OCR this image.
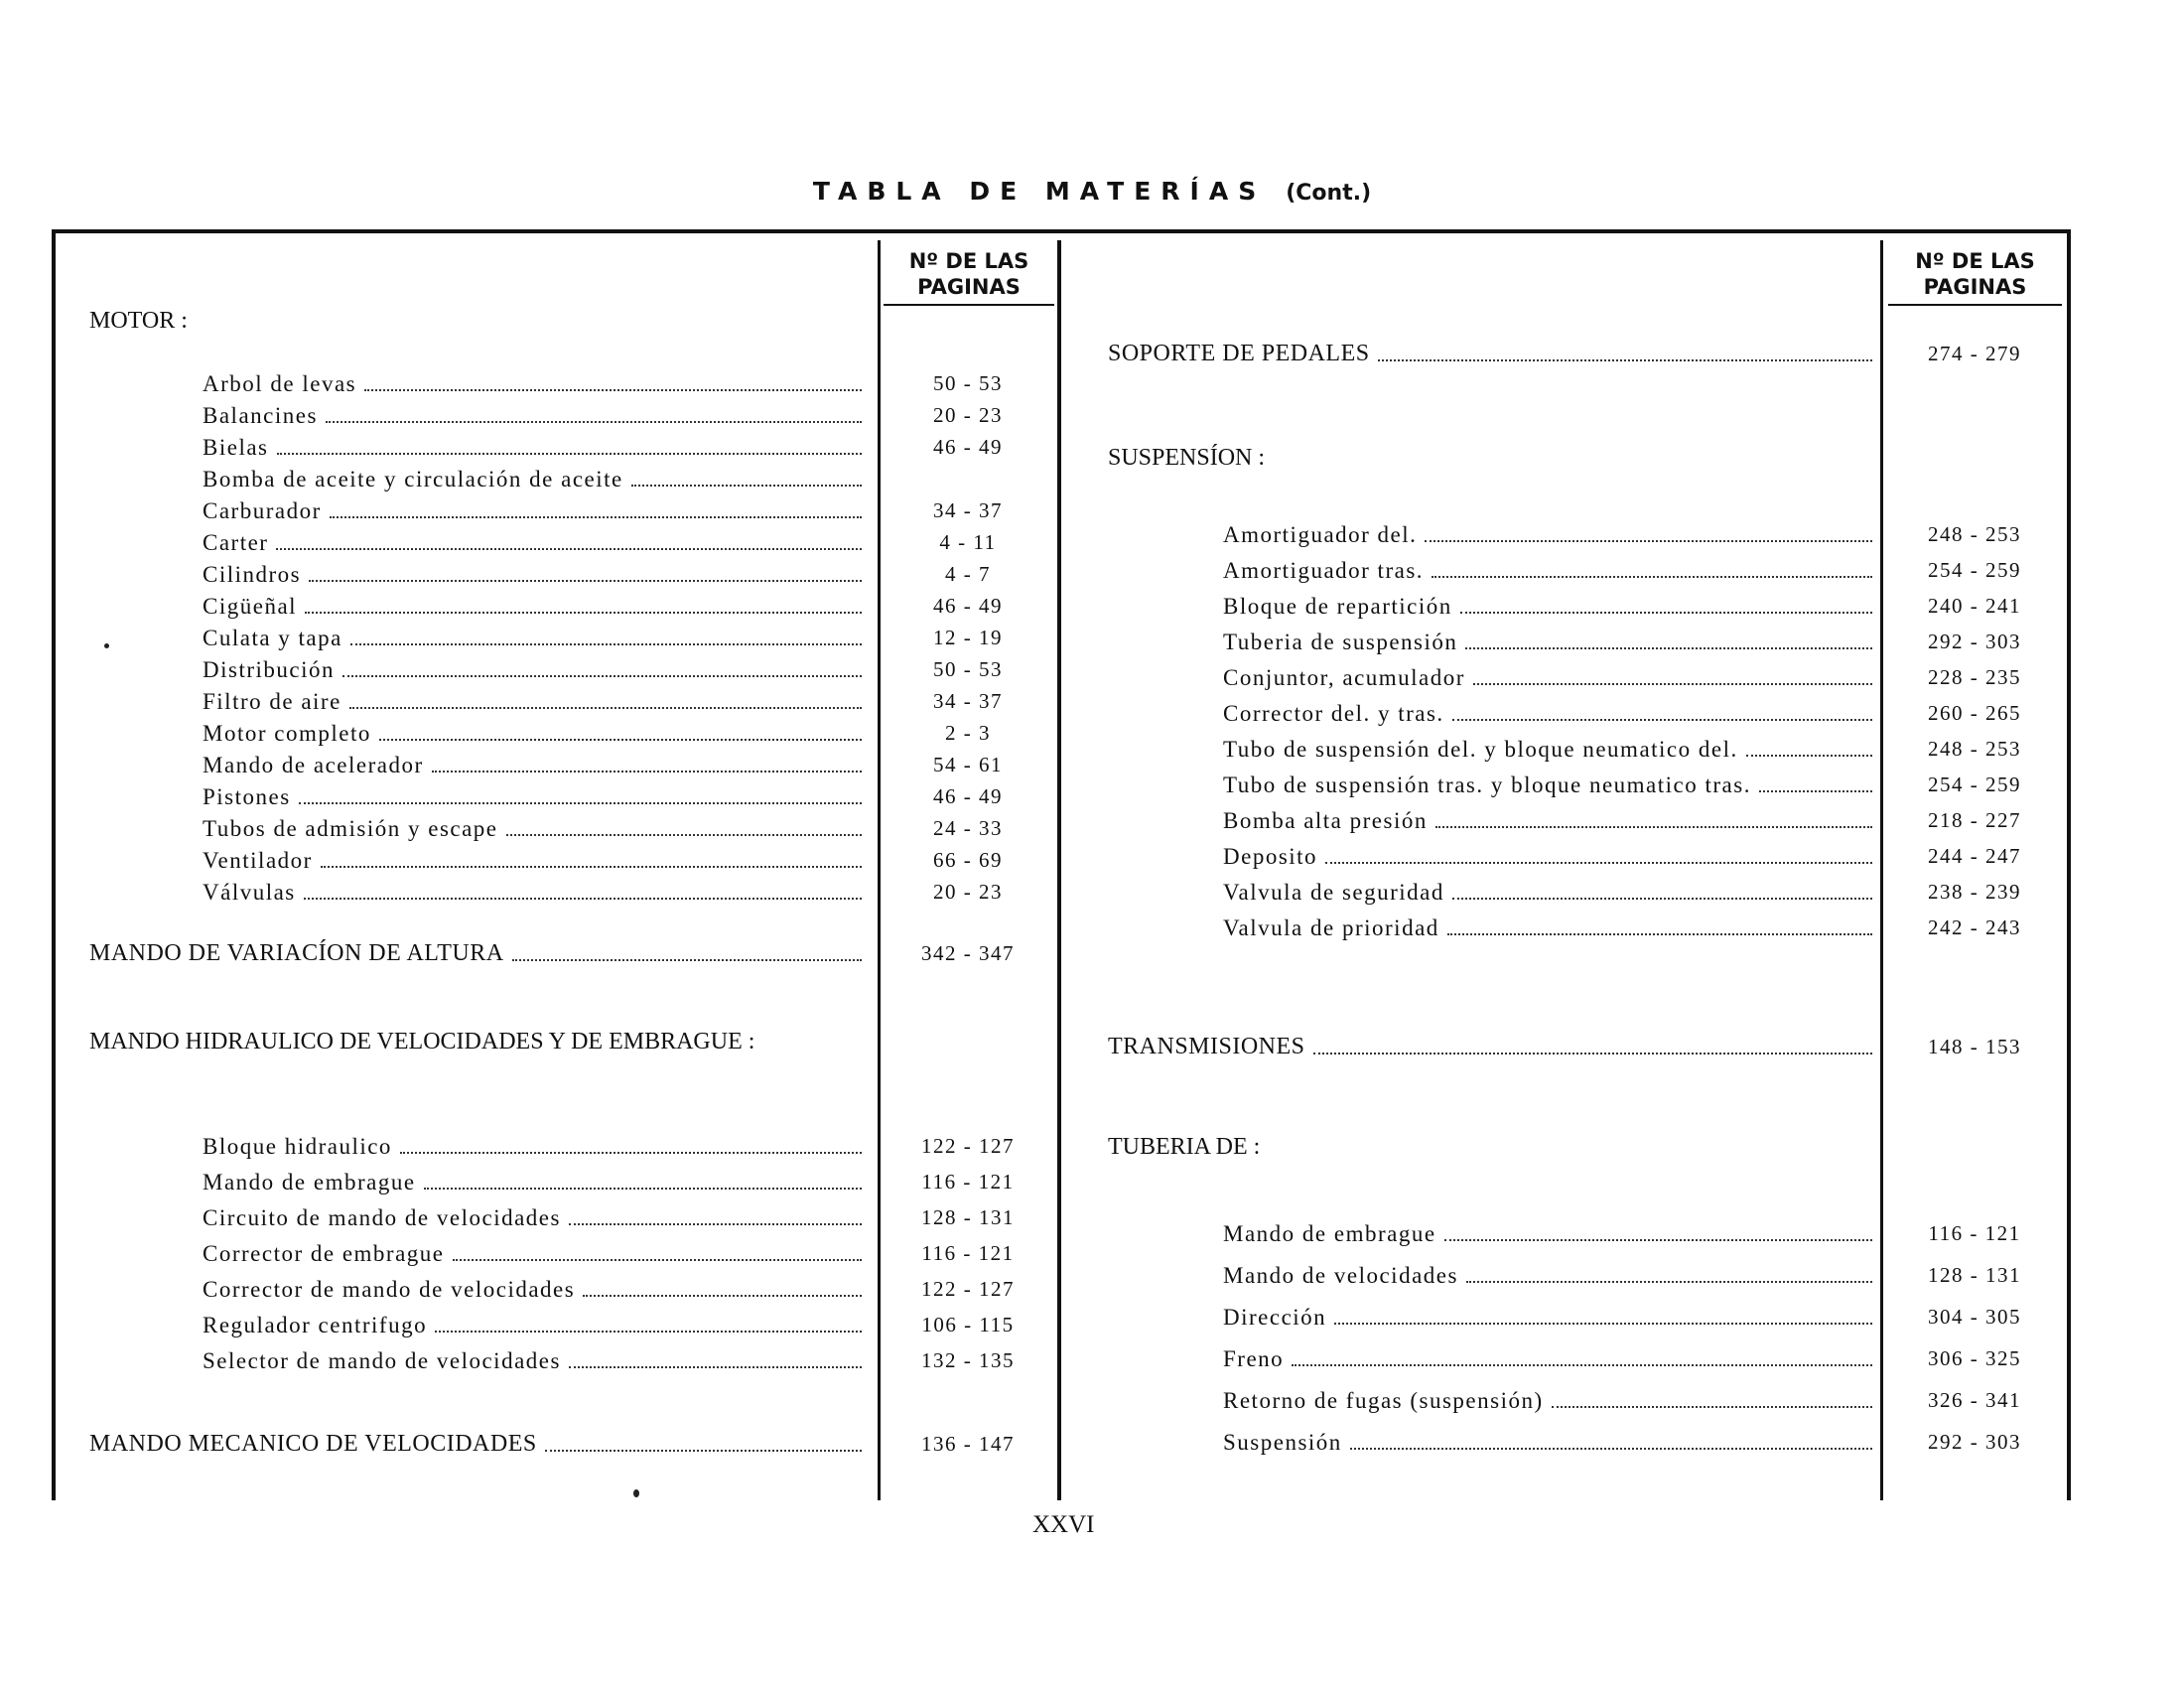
TABLA DE MATERÍAS (Cont.)
Nº DE LAS
PAGINAS
Nº DE LAS
PAGINAS
MOTOR :
Arbol de levas	50 - 53
Balancines	20 - 23
Bielas	46 - 49
Bomba de aceite y circulación de aceite
Carburador	34 - 37
Carter	4 - 11
Cilindros	4 - 7
Cigüeñal	46 - 49
Culata y tapa	12 - 19
Distribución	50 - 53
Filtro de aire	34 - 37
Motor completo	2 - 3
Mando de acelerador	54 - 61
Pistones	46 - 49
Tubos de admisión y escape	24 - 33
Ventilador	66 - 69
Válvulas	20 - 23
MANDO DE VARIACÍON DE ALTURA	342 - 347
MANDO HIDRAULICO DE VELOCIDADES Y DE EMBRAGUE :
Bloque hidraulico	122 - 127
Mando de embrague	116 - 121
Circuito de mando de velocidades	128 - 131
Corrector de embrague	116 - 121
Corrector de mando de velocidades	122 - 127
Regulador centrifugo	106 - 115
Selector de mando de velocidades	132 - 135
MANDO MECANICO DE VELOCIDADES	136 - 147
SOPORTE DE PEDALES	274 - 279
SUSPENSÍON :
Amortiguador del.	248 - 253
Amortiguador tras.	254 - 259
Bloque de repartición	240 - 241
Tuberia de suspensión	292 - 303
Conjuntor, acumulador	228 - 235
Corrector del. y tras.	260 - 265
Tubo de suspensión del. y bloque neumatico del.	248 - 253
Tubo de suspensión tras. y bloque neumatico tras.	254 - 259
Bomba alta presión	218 - 227
Deposito	244 - 247
Valvula de seguridad	238 - 239
Valvula de prioridad	242 - 243
TRANSMISIONES	148 - 153
TUBERIA DE :
Mando de embrague	116 - 121
Mando de velocidades	128 - 131
Dirección	304 - 305
Freno	306 - 325
Retorno de fugas (suspensión)	326 - 341
Suspensión	292 - 303
XXVI
